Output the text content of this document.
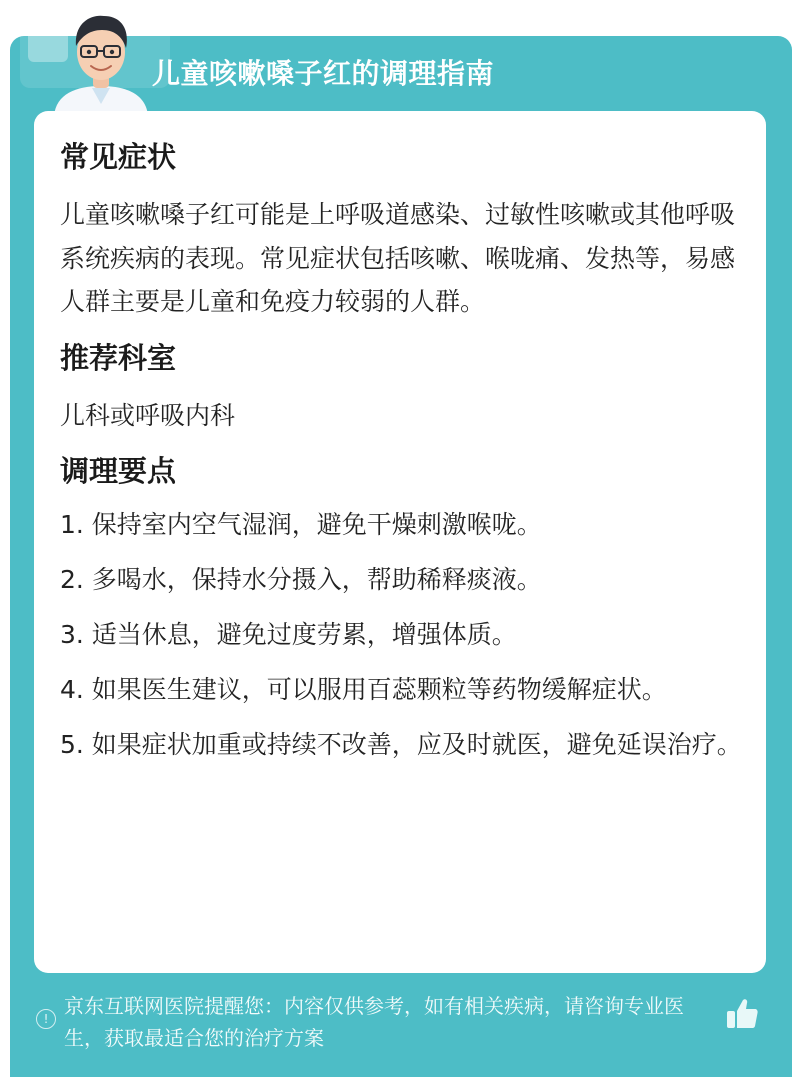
儿童咳嗽嗓子红的调理指南
常见症状

儿童咳嗽嗓子红可能是上呼吸道感染、过敏性咳嗽或其他呼吸系统疾病的表现。常见症状包括咳嗽、喉咙痛、发热等，易感人群主要是儿童和免疫力较弱的人群。

推荐科室

儿科或呼吸内科

调理要点
1. 保持室内空气湿润，避免干燥刺激喉咙。
2. 多喝水，保持水分摄入，帮助稀释痰液。
3. 适当休息，避免过度劳累，增强体质。
4. 如果医生建议，可以服用百蕊颗粒等药物缓解症状。
5. 如果症状加重或持续不改善，应及时就医，避免延误治疗。
!
京东互联网医院提醒您：内容仅供参考，如有相关疾病，请咨询专业医生，获取最适合您的治疗方案
